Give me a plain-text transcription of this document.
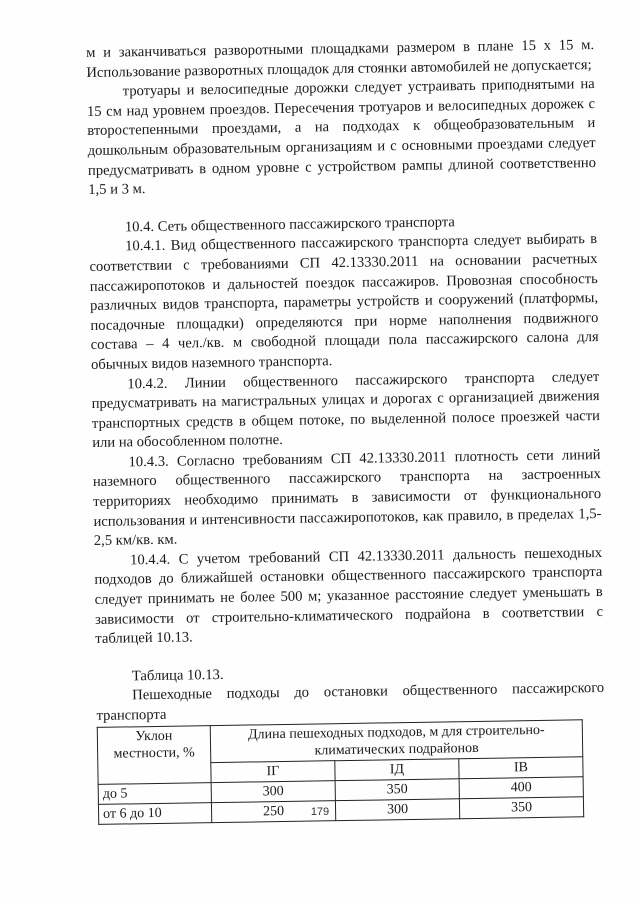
м и заканчиваться разворотными площадками размером в плане 15 х 15 м. Использование разворотных площадок для стоянки автомобилей не допускается;

тротуары и велосипедные дорожки следует устраивать приподнятыми на 15 см над уровнем проездов. Пересечения тротуаров и велосипедных дорожек с второстепенными проездами, а на подходах к общеобразовательным и дошкольным образовательным организациям и с основными проездами следует предусматривать в одном уровне с устройством рампы длиной соответственно 1,5 и 3 м.

10.4. Сеть общественного пассажирского транспорта

10.4.1. Вид общественного пассажирского транспорта следует выбирать в соответствии с требованиями СП 42.13330.2011 на основании расчетных пассажиропотоков и дальностей поездок пассажиров. Провозная способность различных видов транспорта, параметры устройств и сооружений (платформы, посадочные площадки) определяются при норме наполнения подвижного состава – 4 чел./кв. м свободной площади пола пассажирского салона для обычных видов наземного транспорта.

10.4.2. Линии общественного пассажирского транспорта следует предусматривать на магистральных улицах и дорогах с организацией движения транспортных средств в общем потоке, по выделенной полосе проезжей части или на обособленном полотне.

10.4.3. Согласно требованиям СП 42.13330.2011 плотность сети линий наземного общественного пассажирского транспорта на застроенных территориях необходимо принимать в зависимости от функционального использования и интенсивности пассажиропотоков, как правило, в пределах 1,5-2,5 км/кв. км.

10.4.4. С учетом требований СП 42.13330.2011 дальность пешеходных подходов до ближайшей остановки общественного пассажирского транспорта следует принимать не более 500 м; указанное расстояние следует уменьшать в зависимости от строительно-климатического подрайона в соответствии с таблицей 10.13.

Таблица 10.13.

Пешеходные подходы до остановки общественного пассажирского транспорта

Уклон местности, %	Длина пешеходных подходов, м для строительно-климатических подрайонов		
	IГ	IД	IВ
до 5	300	350	400
от 6 до 10	250	300	350
179
